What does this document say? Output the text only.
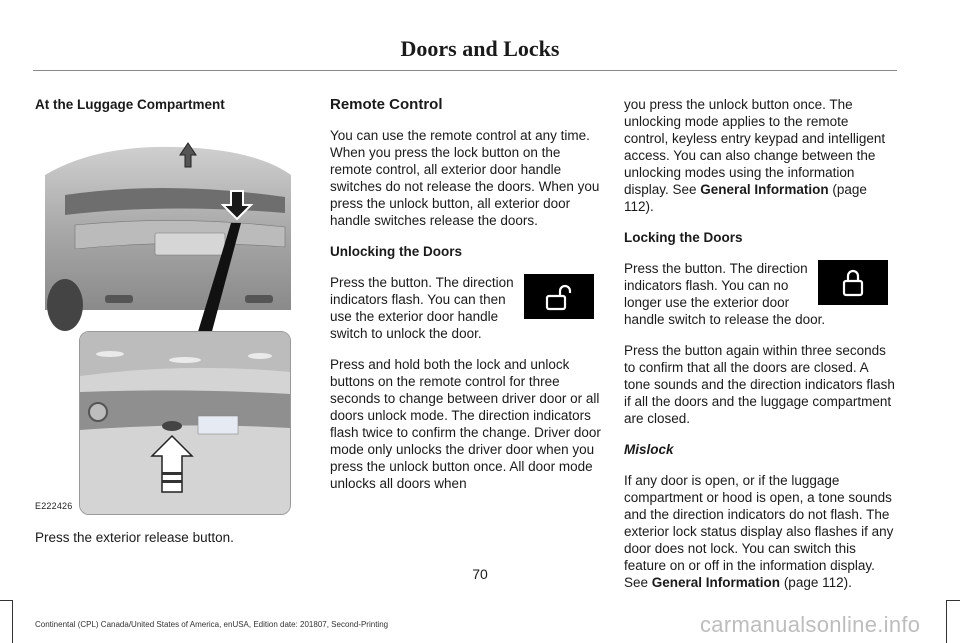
Doors and Locks
At the Luggage Compartment
E222426

Press the exterior release button.

Remote Control

You can use the remote control at any time. When you press the lock button on the remote control, all exterior door handle switches do not release the doors. When you press the unlock button, all exterior door handle switches release the doors.

Unlocking the Doors
Press the button. The direction indicators flash. You can then use the exterior door handle switch to unlock the door.

Press and hold both the lock and unlock buttons on the remote control for three seconds to change between driver door or all doors unlock mode. The direction indicators flash twice to confirm the change. Driver door mode only unlocks the driver door when you press the unlock button once. All door mode unlocks all doors when

you press the unlock button once. The unlocking mode applies to the remote control, keyless entry keypad and intelligent access. You can also change between the unlocking modes using the information display. See General Information (page 112).

Locking the Doors
Press the button. The direction indicators flash. You can no longer use the exterior door handle switch to release the door.

Press the button again within three seconds to confirm that all the doors are closed. A tone sounds and the direction indicators flash if all the doors and the luggage compartment are closed.

Mislock

If any door is open, or if the luggage compartment or hood is open, a tone sounds and the direction indicators do not flash. The exterior lock status display also flashes if any door does not lock. You can switch this feature on or off in the information display. See General Information (page 112).

70
Continental (CPL) Canada/United States of America, enUSA, Edition date: 201807, Second-Printing	carmanualsonline.info
